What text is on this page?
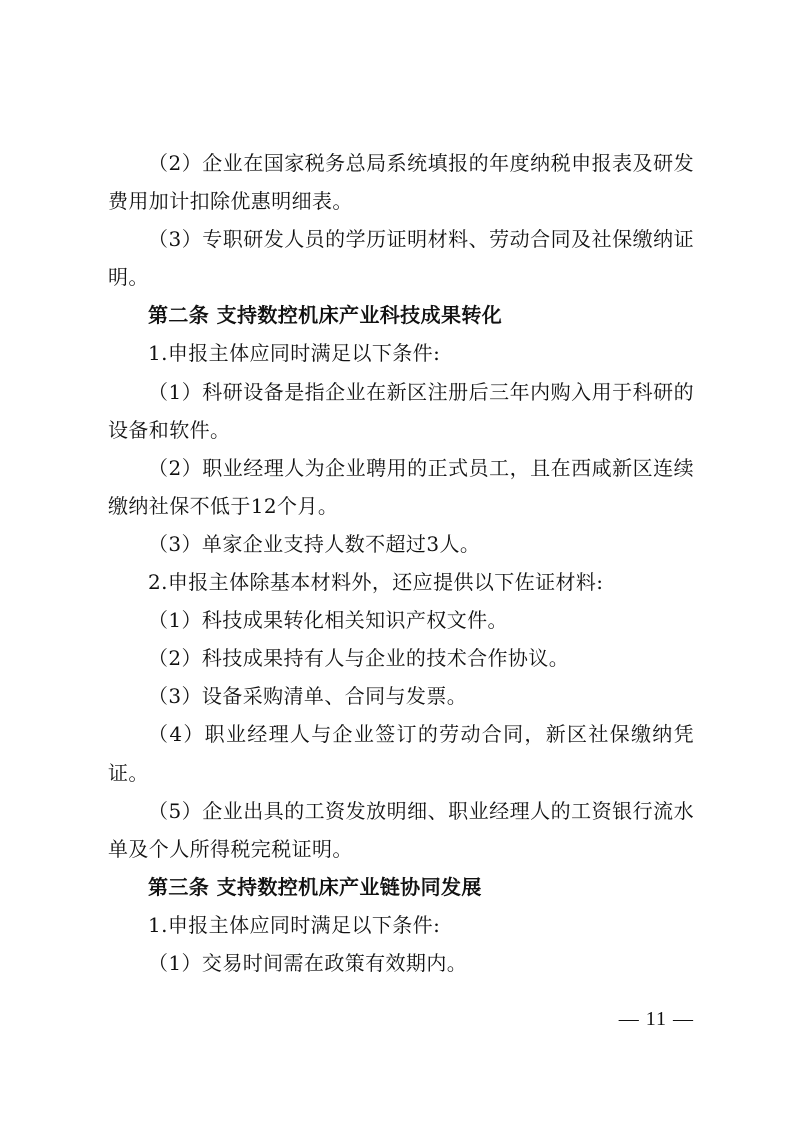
（2）企业在国家税务总局系统填报的年度纳税申报表及研发费用加计扣除优惠明细表。

（3）专职研发人员的学历证明材料、劳动合同及社保缴纳证明。

第二条 支持数控机床产业科技成果转化

1.申报主体应同时满足以下条件:

（1）科研设备是指企业在新区注册后三年内购入用于科研的设备和软件。

（2）职业经理人为企业聘用的正式员工，且在西咸新区连续缴纳社保不低于12个月。

（3）单家企业支持人数不超过3人。

2.申报主体除基本材料外，还应提供以下佐证材料:

（1）科技成果转化相关知识产权文件。

（2）科技成果持有人与企业的技术合作协议。

（3）设备采购清单、合同与发票。

（4）职业经理人与企业签订的劳动合同，新区社保缴纳凭证。

（5）企业出具的工资发放明细、职业经理人的工资银行流水单及个人所得税完税证明。

第三条 支持数控机床产业链协同发展

1.申报主体应同时满足以下条件:

（1）交易时间需在政策有效期内。

— 11 —
